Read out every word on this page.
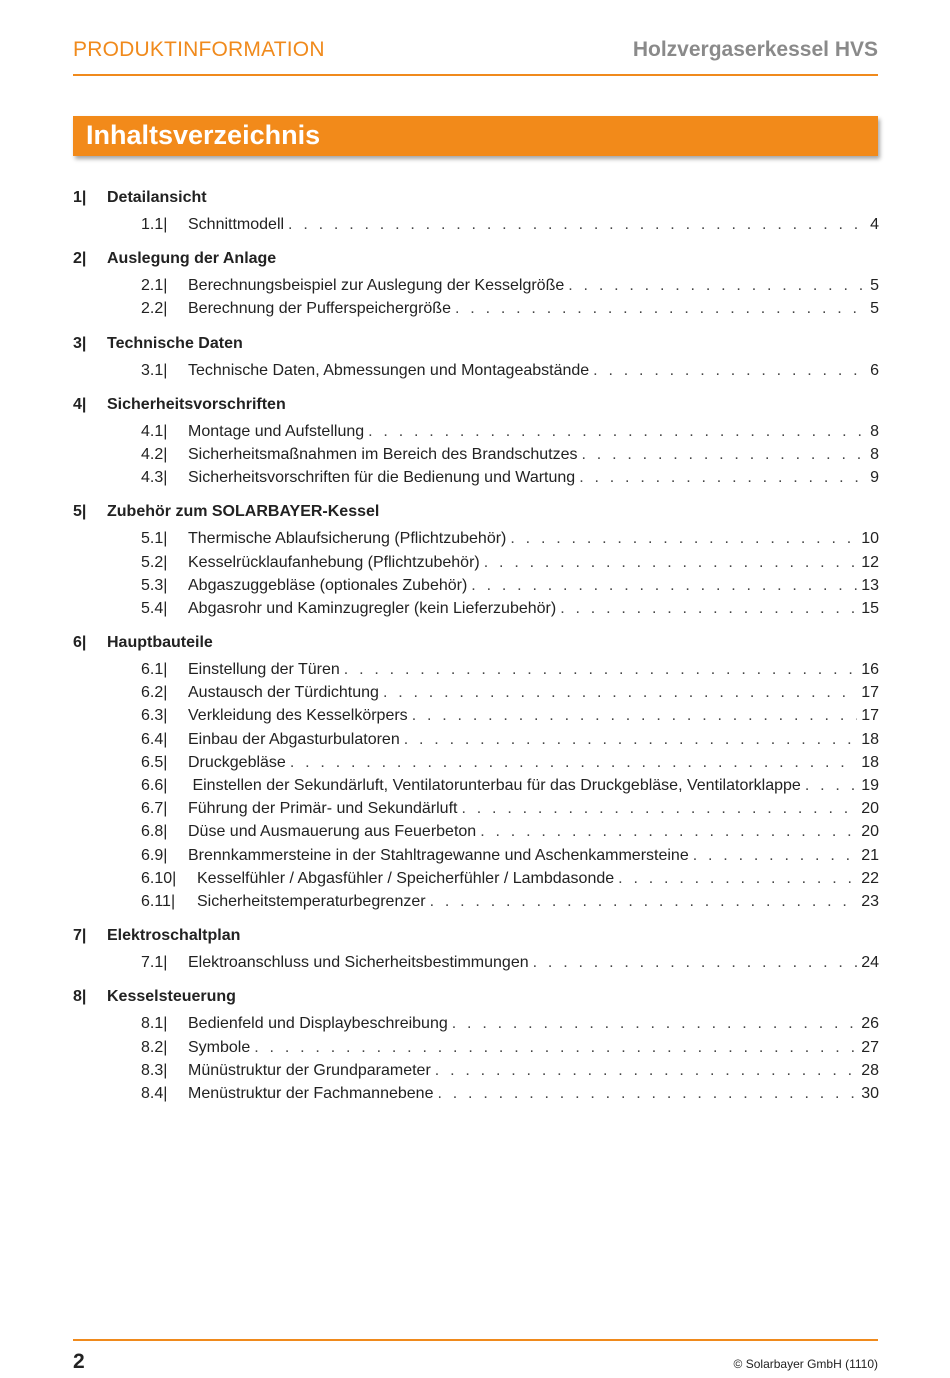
PRODUKTINFORMATION	Holzvergaserkessel HVS
Inhaltsverzeichnis
1|	Detailansicht
1.1|	Schnittmodell . . .	4
2|	Auslegung der Anlage
2.1|	Berechnungsbeispiel zur Auslegung der Kesselgröße . . .	5
2.2|	Berechnung der Pufferspeichergröße . . .	5
3|	Technische Daten
3.1|	Technische Daten, Abmessungen und Montageabstände . . .	6
4|	Sicherheitsvorschriften
4.1|	Montage und Aufstellung . . .	8
4.2|	Sicherheitsmaßnahmen im Bereich des Brandschutzes . . .	8
4.3|	Sicherheitsvorschriften für die Bedienung und Wartung . . .	9
5|	Zubehör zum SOLARBAYER-Kessel
5.1|	Thermische Ablaufsicherung (Pflichtzubehör) . . .	10
5.2|	Kesselrücklaufanhebung (Pflichtzubehör) . . .	12
5.3|	Abgaszuggebläse (optionales Zubehör) . . .	13
5.4|	Abgasrohr und Kaminzugregler (kein Lieferzubehör) . . .	15
6|	Hauptbauteile
6.1|	Einstellung der Türen . . .	16
6.2|	Austausch der Türdichtung . . .	17
6.3|	Verkleidung des Kesselkörpers . . .	17
6.4|	Einbau der Abgasturbulatoren . . .	18
6.5|	Druckgebläse . . .	18
6.6|	Einstellen der Sekundärluft, Ventilatorunterbau für das Druckgebläse, Ventilatorklappe . . .	19
6.7|	Führung der Primär- und Sekundärluft . . .	20
6.8|	Düse und Ausmauerung aus Feuerbeton . . .	20
6.9|	Brennkammersteine in der Stahltragewanne und Aschenkammersteine . . .	21
6.10|	Kesselfühler / Abgasfühler / Speicherfühler / Lambdasonde . . .	22
6.11|	Sicherheitstemperaturbegrenzer . . .	23
7|	Elektroschaltplan
7.1|	Elektroanschluss und Sicherheitsbestimmungen . . .	24
8|	Kesselsteuerung
8.1|	Bedienfeld und Displaybeschreibung . . .	26
8.2|	Symbole . . .	27
8.3|	Münüstruktur der Grundparameter . . .	28
8.4|	Menüstruktur der Fachmannebene . . .	30
2	© Solarbayer GmbH (1110)
